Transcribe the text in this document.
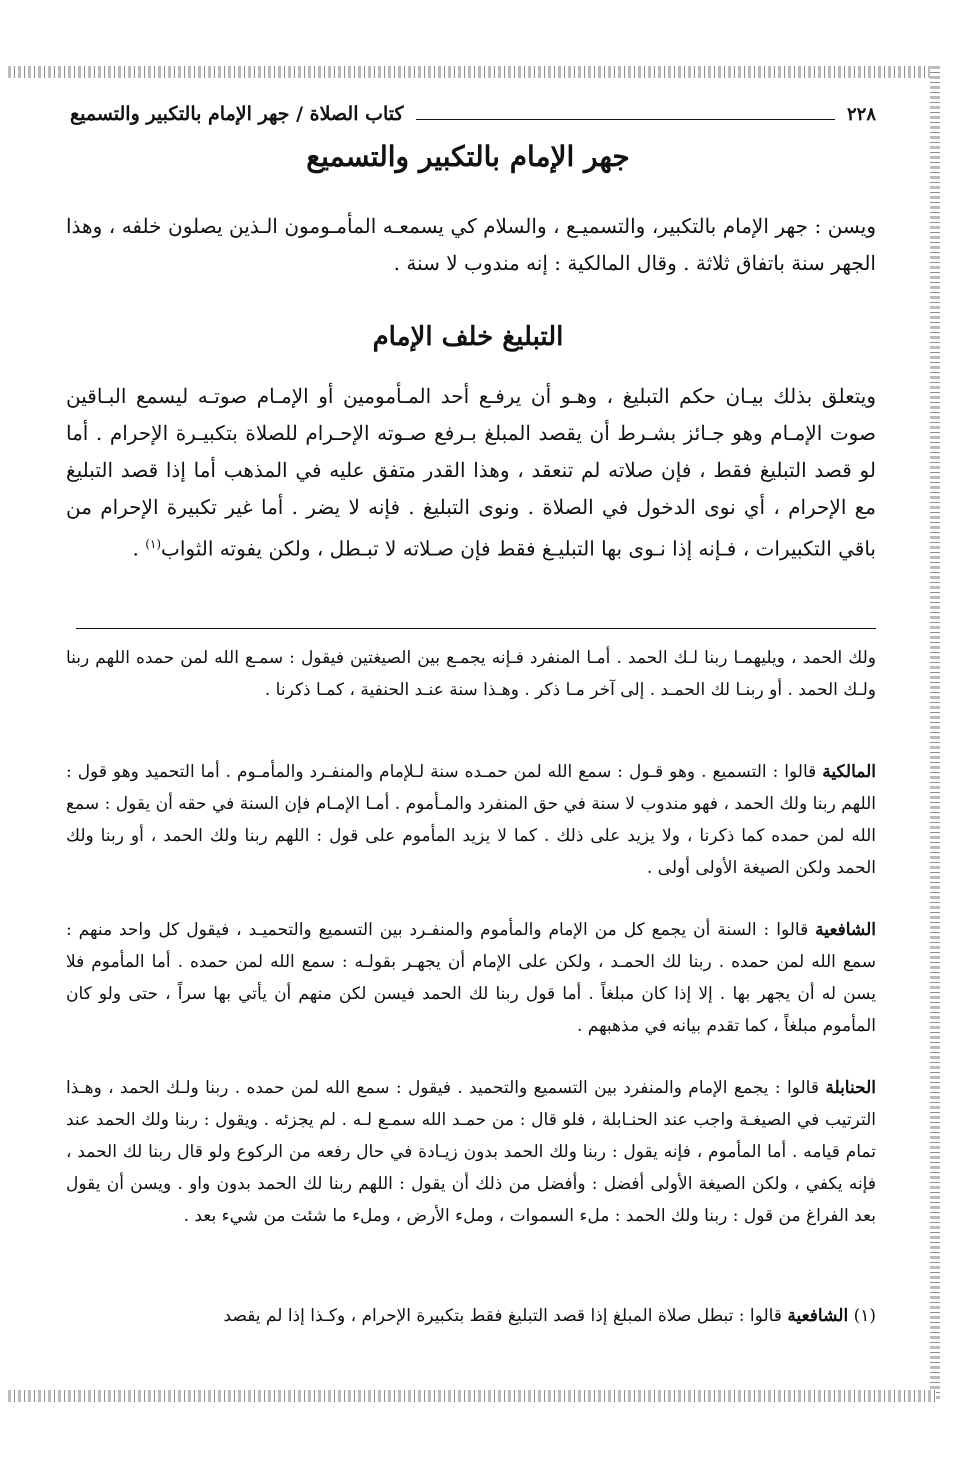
٢٢٨
كتاب الصلاة / جهر الإمام بالتكبير والتسميع
جهر الإمام بالتكبير والتسميع
ويسن : جهر الإمام بالتكبير، والتسميـع ، والسلام كي يسمعـه المأمـومون الـذين يصلون خلفه ، وهذا الجهر سنة باتفاق ثلاثة . وقال المالكية : إنه مندوب لا سنة .
التبليغ خلف الإمام
ويتعلق بذلك بيـان حكم التبليغ ، وهـو أن يرفـع أحد المـأمومين أو الإمـام صوتـه ليسمع البـاقين صوت الإمـام وهو جـائز بشـرط أن يقصد المبلغ بـرفع صـوته الإحـرام للصلاة بتكبيـرة الإحرام . أما لو قصد التبليغ فقط ، فإن صلاته لم تنعقد ، وهذا القدر متفق عليه في المذهب أما إذا قصد التبليغ مع الإحرام ، أي نوى الدخول في الصلاة . ونوى التبليغ . فإنه لا يضر . أما غير تكبيرة الإحرام من باقي التكبيرات ، فـإنه إذا نـوى بها التبليـغ فقط فإن صـلاته لا تبـطل ، ولكن يفوته الثواب$^{(١)}$ .
ولك الحمد ، ويليهمـا ربنا لـك الحمد . أمـا المنفرد فـإنه يجمـع بين الصيغتين فيقول : سمـع الله لمن حمده اللهم ربنا ولـك الحمد . أو ربنـا لك الحمـد . إلى آخر مـا ذكر . وهـذا سنة عنـد الحنفية ، كمـا ذكرنا .
المالكية قالوا : التسميع . وهو قـول : سمع الله لمن حمـده سنة لـلإمام والمنفـرد والمأمـوم . أما التحميد وهو قول : اللهم ربنا ولك الحمد ، فهو مندوب لا سنة في حق المنفرد والمـأموم . أمـا الإمـام فإن السنة في حقه أن يقول : سمع الله لمن حمده كما ذكرنا ، ولا يزيد على ذلك . كما لا يزيد المأموم على قول : اللهم ربنا ولك الحمد ، أو ربنا ولك الحمد ولكن الصيغة الأولى أولى .
الشافعية قالوا : السنة أن يجمع كل من الإمام والمأموم والمنفـرد بين التسميع والتحميـد ، فيقول كل واحد منهم : سمع الله لمن حمده . ربنا لك الحمـد ، ولكن على الإمام أن يجهـر بقولـه : سمع الله لمن حمده . أما المأموم فلا يسن له أن يجهر بها . إلا إذا كان مبلغاً . أما قول ربنا لك الحمد فيسن لكن منهم أن يأتي بها سراً ، حتى ولو كان المأموم مبلغاً ، كما تقدم بيانه في مذهبهم .
الحنابلة قالوا : يجمع الإمام والمنفرد بين التسميع والتحميد . فيقول : سمع الله لمن حمده . ربنا ولـك الحمد ، وهـذا الترتيب في الصيغـة واجب عند الحنـابلة ، فلو قال : من حمـد الله سمـع لـه . لم يجزئه . ويقول : ربنا ولك الحمد عند تمام قيامه . أما المأموم ، فإنه يقول : ربنا ولك الحمد بدون زيـادة في حال رفعه من الركوع ولو قال ربنا لك الحمد ، فإنه يكفي ، ولكن الصيغة الأولى أفضل : وأفضل من ذلك أن يقول : اللهم ربنا لك الحمد بدون واو . ويسن أن يقول بعد الفراغ من قول : ربنا ولك الحمد : ملء السموات ، وملء الأرض ، وملء ما شئت من شيء بعد .
(١) الشافعية قالوا : تبطل صلاة المبلغ إذا قصد التبليغ فقط بتكبيرة الإحرام ، وكـذا إذا لم يقصد
